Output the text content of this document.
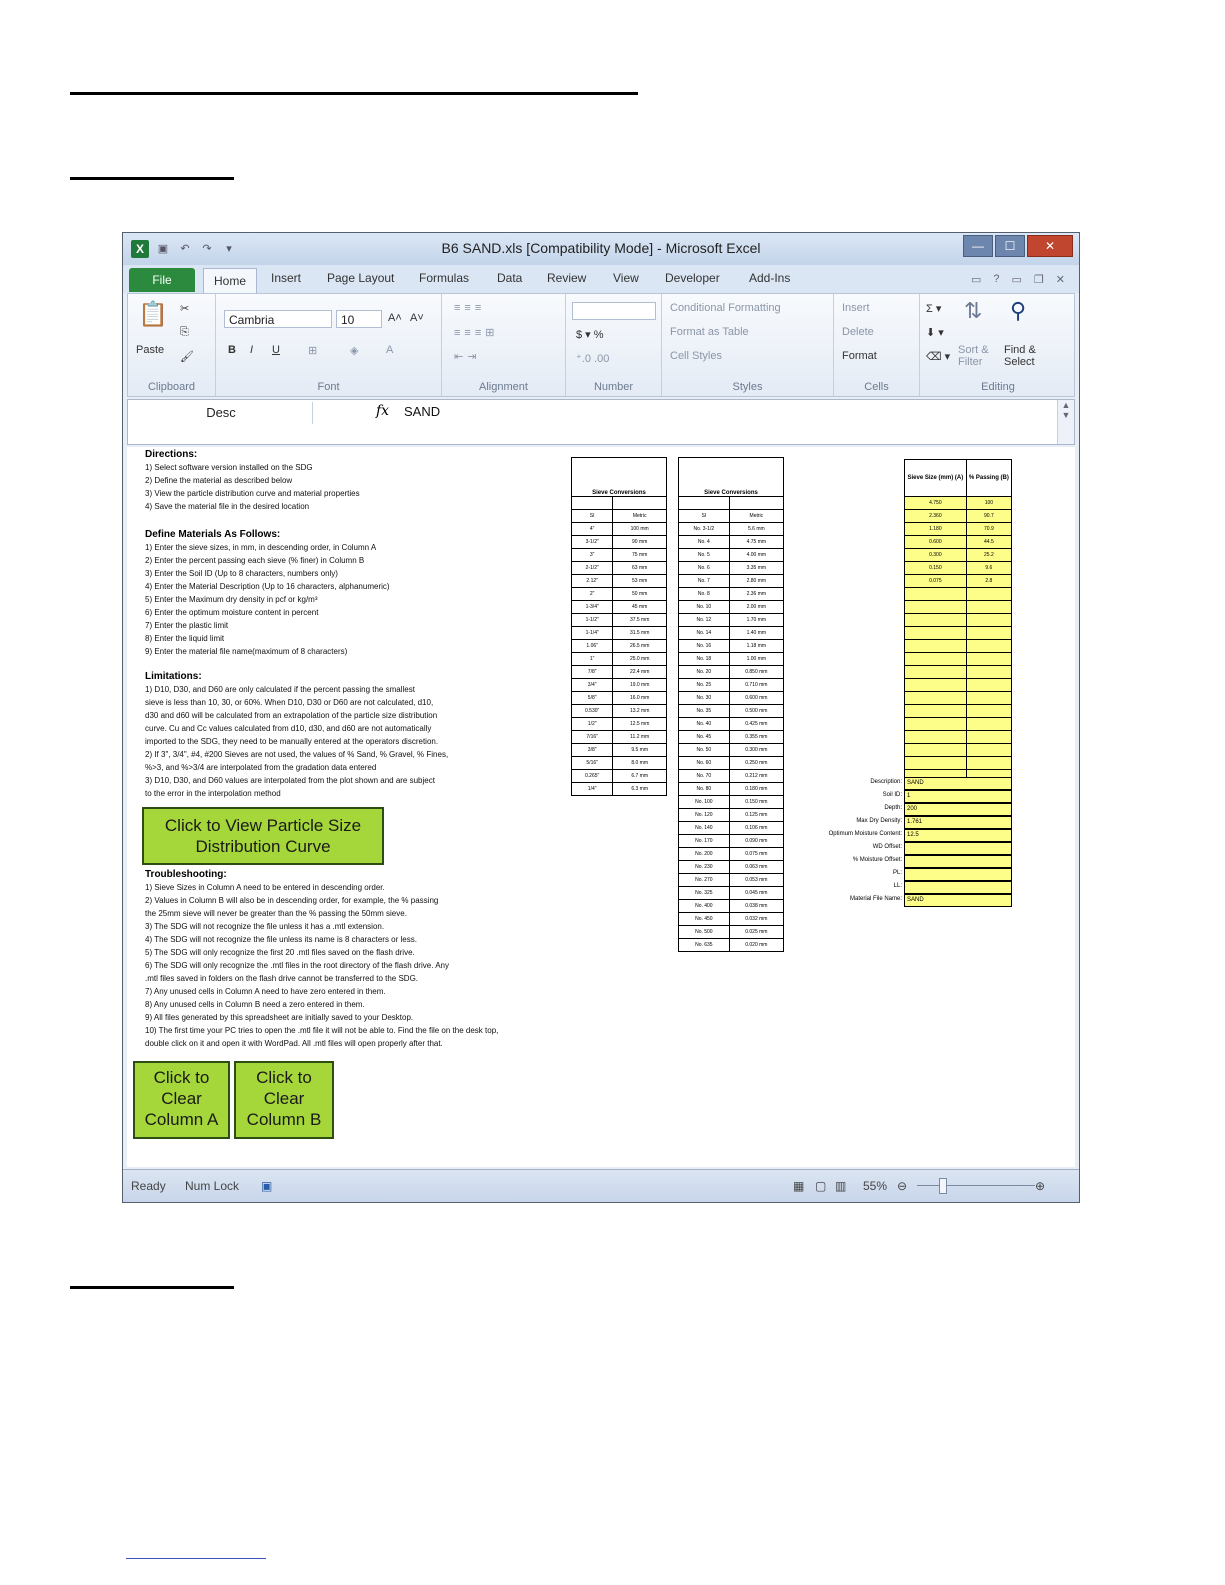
X	▣	↶	↷	▾	B6 SAND.xls [Compatibility Mode] - Microsoft Excel	—	☐	✕
File	Home	Insert Page Layout Formulas Data Review View Developer Add-Ins	▭ ? ▭ ❐ ✕
📋
Paste
✂
⎘
🖌
Clipboard
Cambria	10	A˄ A˅
B I U	⊞	◈	A
Font
≡≡≡
≡≡≡⊞
⇤⇥
Alignment
$ ▾ %
⁺.0 .00
Number
Conditional Formatting
Format as Table
Cell Styles
Styles
Insert
Delete
Format
Cells
Σ ▾
⬇ ▾
⌫ ▾
⇅
Sort & Filter
⚲
Find & Select
Editing
Desc	fx SAND	▲
▼
Directions:
1) Select software version installed on the SDG
2) Define the material as described below
3) View the particle distribution curve and material properties
4) Save the material file in the desired location
Define Materials As Follows:
1) Enter the sieve sizes, in mm, in descending order, in Column A
2) Enter the percent passing each sieve (% finer) in Column B
3) Enter the Soil ID (Up to 8 characters, numbers only)
4) Enter the Material Description (Up to 16 characters, alphanumeric)
5) Enter the Maximum dry density in pcf or kg/m³
6) Enter the optimum moisture content in percent
7) Enter the plastic limit
8) Enter the liquid limit
9) Enter the material file name(maximum of 8 characters)
Limitations:
1) D10, D30, and D60 are only calculated if the percent passing the smallest
sieve is less than 10, 30, or 60%. When D10, D30 or D60 are not calculated, d10,
d30 and d60 will be calculated from an extrapolation of the particle size distribution
curve. Cu and Cc values calculated from d10, d30, and d60 are not automatically
imported to the SDG, they need to be manually entered at the operators discretion.
2) If 3", 3/4", #4, #200 Sieves are not used, the values of % Sand, % Gravel, % Fines,
%>3, and %>3/4 are interpolated from the gradation data entered
3) D10, D30, and D60 values are interpolated from the plot shown and are subject
to the error in the interpolation method
Click to View Particle Size Distribution Curve
Troubleshooting:
1) Sieve Sizes in Column A need to be entered in descending order.
2) Values in Column B will also be in descending order, for example, the % passing
the 25mm sieve will never be greater than the % passing the 50mm sieve.
3) The SDG will not recognize the file unless it has a .mtl extension.
4) The SDG will not recognize the file unless its name is 8 characters or less.
5) The SDG will only recognize the first 20 .mtl files saved on the flash drive.
6) The SDG will only recognize the .mtl files in the root directory of the flash drive. Any
.mtl files saved in folders on the flash drive cannot be transferred to the SDG.
7) Any unused cells in Column A need to have zero entered in them.
8) Any unused cells in Column B need a zero entered in them.
9) All files generated by this spreadsheet are initially saved to your Desktop.
10) The first time your PC tries to open the .mtl file it will not be able to. Find the file on the desk top,
double click on it and open it with WordPad. All .mtl files will open properly after that.
Click to Clear Column A
Click to Clear Column B
Sieve Conversions	

SI	Metric
4"	100 mm
3-1/2"	90 mm
3"	75 mm
2-1/2"	63 mm
2.12"	53 mm
2"	50 mm
1-3/4"	45 mm
1-1/2"	37.5 mm
1-1/4"	31.5 mm
1.06"	26.5 mm
1"	25.0 mm
7/8"	22.4 mm
3/4"	19.0 mm
5/8"	16.0 mm
0.530"	13.2 mm
1/2"	12.5 mm
7/16"	11.2 mm
3/8"	9.5 mm
5/16"	8.0 mm
0.265"	6.7 mm
1/4"	6.3 mm
Sieve Conversions	

SI	Metric
No. 3-1/2	5.6 mm
No. 4	4.75 mm
No. 5	4.00 mm
No. 6	3.35 mm
No. 7	2.80 mm
No. 8	2.36 mm
No. 10	2.00 mm
No. 12	1.70 mm
No. 14	1.40 mm
No. 16	1.18 mm
No. 18	1.00 mm
No. 20	0.850 mm
No. 25	0.710 mm
No. 30	0.600 mm
No. 35	0.500 mm
No. 40	0.425 mm
No. 45	0.355 mm
No. 50	0.300 mm
No. 60	0.250 mm
No. 70	0.212 mm
No. 80	0.180 mm
No. 100	0.150 mm
No. 120	0.125 mm
No. 140	0.106 mm
No. 170	0.090 mm
No. 200	0.075 mm
No. 230	0.063 mm
No. 270	0.053 mm
No. 325	0.045 mm
No. 400	0.038 mm
No. 450	0.032 mm
No. 500	0.025 mm
No. 635	0.020 mm
Sieve Size (mm) (A)	% Passing (B)
4.750	100
2.360	90.7
1.180	70.9
0.600	44.5
0.300	25.2
0.150	9.6
0.075	2.8

Description: SAND
Soil ID: 1
Depth: 200
Max Dry Density: 1.761
Optimum Moisture Content: 12.5
WD Offset:
% Moisture Offset:
PL:
LL:
Material File Name: SAND
Ready Num Lock ▣	▦ ▢ ▥ 55% ⊖	⊕
